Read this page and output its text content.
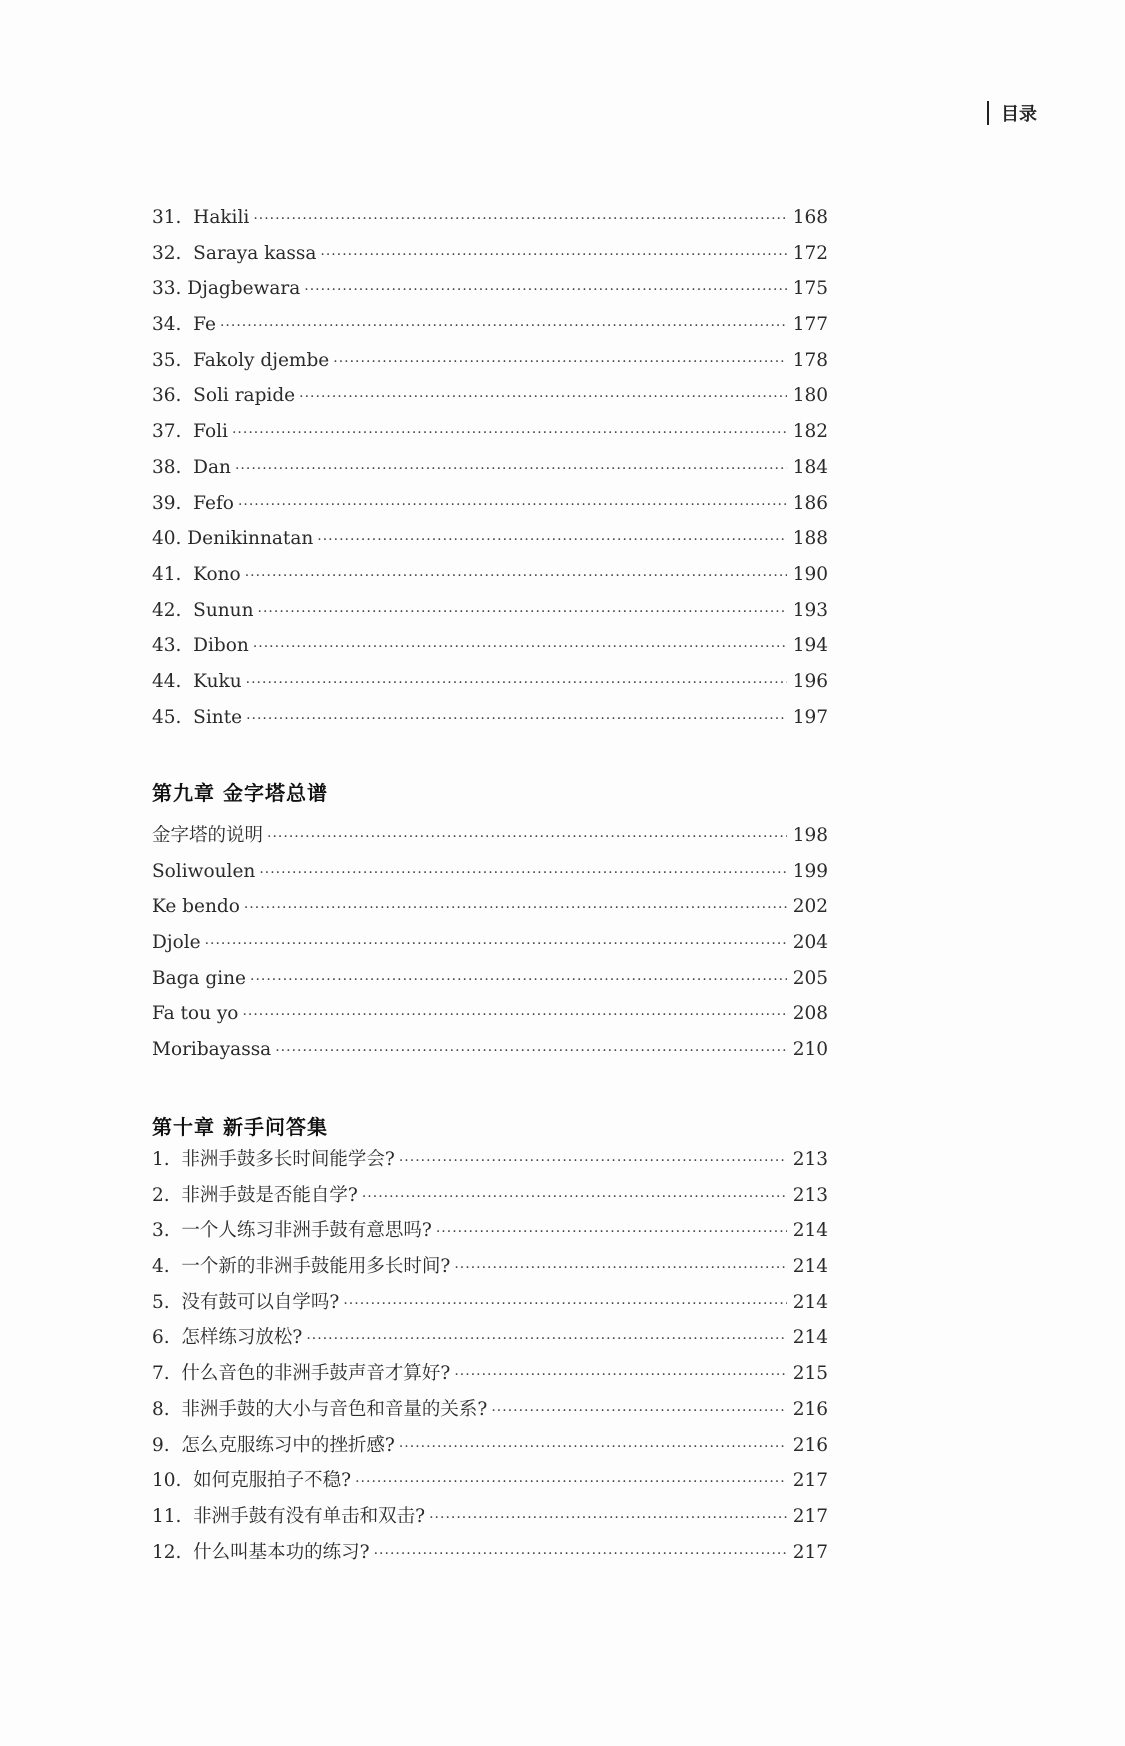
目录
31.  Hakili ·····	168
32.  Saraya kassa ·····	172
33. Djagbewara ·····	175
34.  Fe ·····	177
35.  Fakoly djembe ·····	178
36.  Soli rapide ·····	180
37.  Foli ·····	182
38.  Dan ·····	184
39.  Fefo ·····	186
40. Denikinnatan ·····	188
41.  Kono ·····	190
42.  Sunun ·····	193
43.  Dibon ·····	194
44.  Kuku ·····	196
45.  Sinte ·····	197
第九章 金字塔总谱
金字塔的说明 ·····	198
Soliwoulen ·····	199
Ke bendo ·····	202
Djole ·····	204
Baga gine ·····	205
Fa tou yo ·····	208
Moribayassa ·····	210
第十章 新手问答集
1.  非洲手鼓多长时间能学会? ·····	213
2.  非洲手鼓是否能自学? ·····	213
3.  一个人练习非洲手鼓有意思吗? ·····	214
4.  一个新的非洲手鼓能用多长时间? ·····	214
5.  没有鼓可以自学吗? ·····	214
6.  怎样练习放松? ·····	214
7.  什么音色的非洲手鼓声音才算好? ·····	215
8.  非洲手鼓的大小与音色和音量的关系? ·····	216
9.  怎么克服练习中的挫折感? ·····	216
10.  如何克服拍子不稳? ·····	217
11.  非洲手鼓有没有单击和双击? ·····	217
12.  什么叫基本功的练习? ·····	217
